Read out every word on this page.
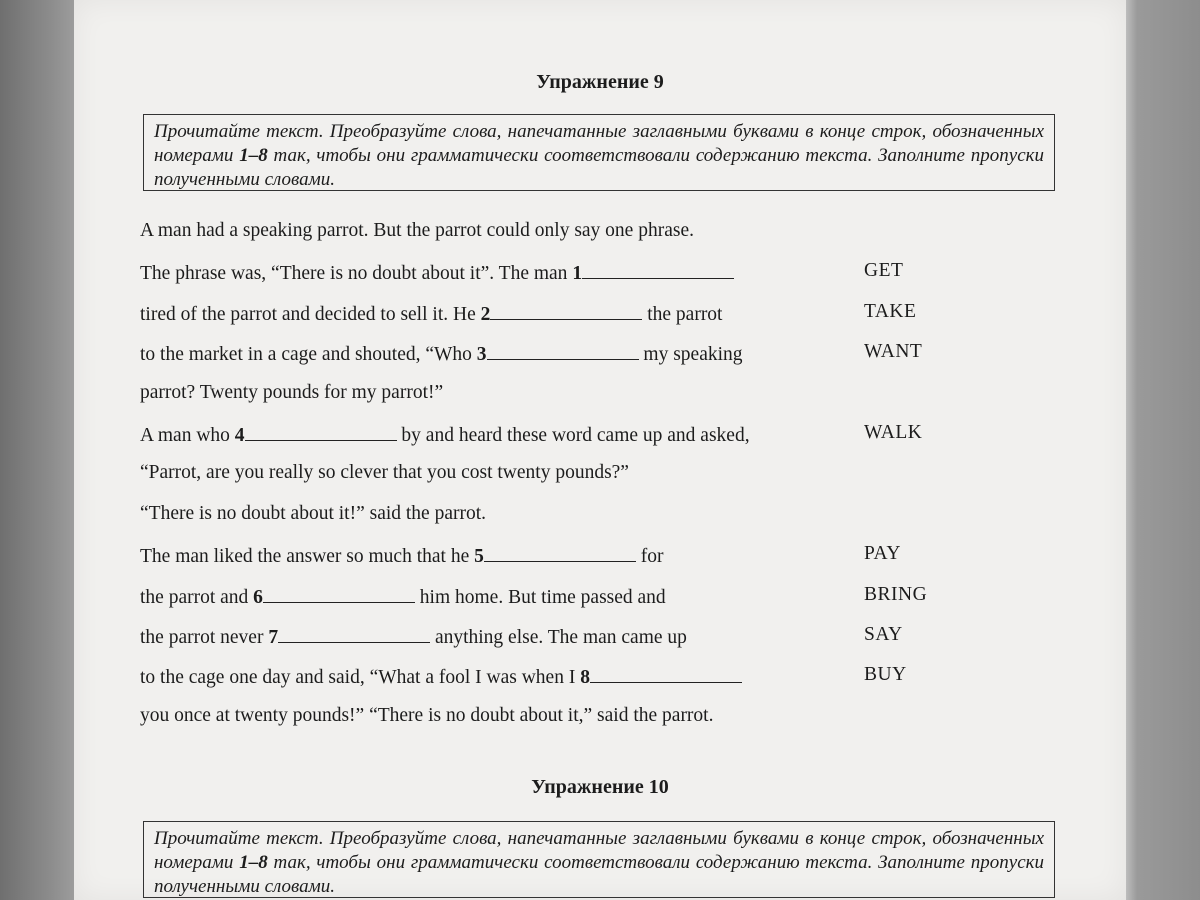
Упражнение 9
Прочитайте текст. Преобразуйте слова, напечатанные заглавными буквами в конце строк, обозначенных номерами 1–8 так, чтобы они грамматически соответствовали содержанию текста. Заполните пропуски полученными словами.
A man had a speaking parrot. But the parrot could only say one phrase.
The phrase was, “There is no doubt about it”. The man 1	GET
tired of the parrot and decided to sell it. He 2	the parrot	TAKE
to the market in a cage and shouted, “Who 3	my speaking	WANT
parrot? Twenty pounds for my parrot!”
A man who 4	by and heard these word came up and asked,	WALK
“Parrot, are you really so clever that you cost twenty pounds?”
“There is no doubt about it!” said the parrot.
The man liked the answer so much that he 5	for	PAY
the parrot and 6	him home. But time passed and	BRING
the parrot never 7	anything else. The man came up	SAY
to the cage one day and said, “What a fool I was when I 8	BUY
you once at twenty pounds!” “There is no doubt about it,” said the parrot.
Упражнение 10
Прочитайте текст. Преобразуйте слова, напечатанные заглавными буквами в конце строк, обозначенных номерами 1–8 так, чтобы они грамматически соответствовали содержанию текста. Заполните пропуски полученными словами.
